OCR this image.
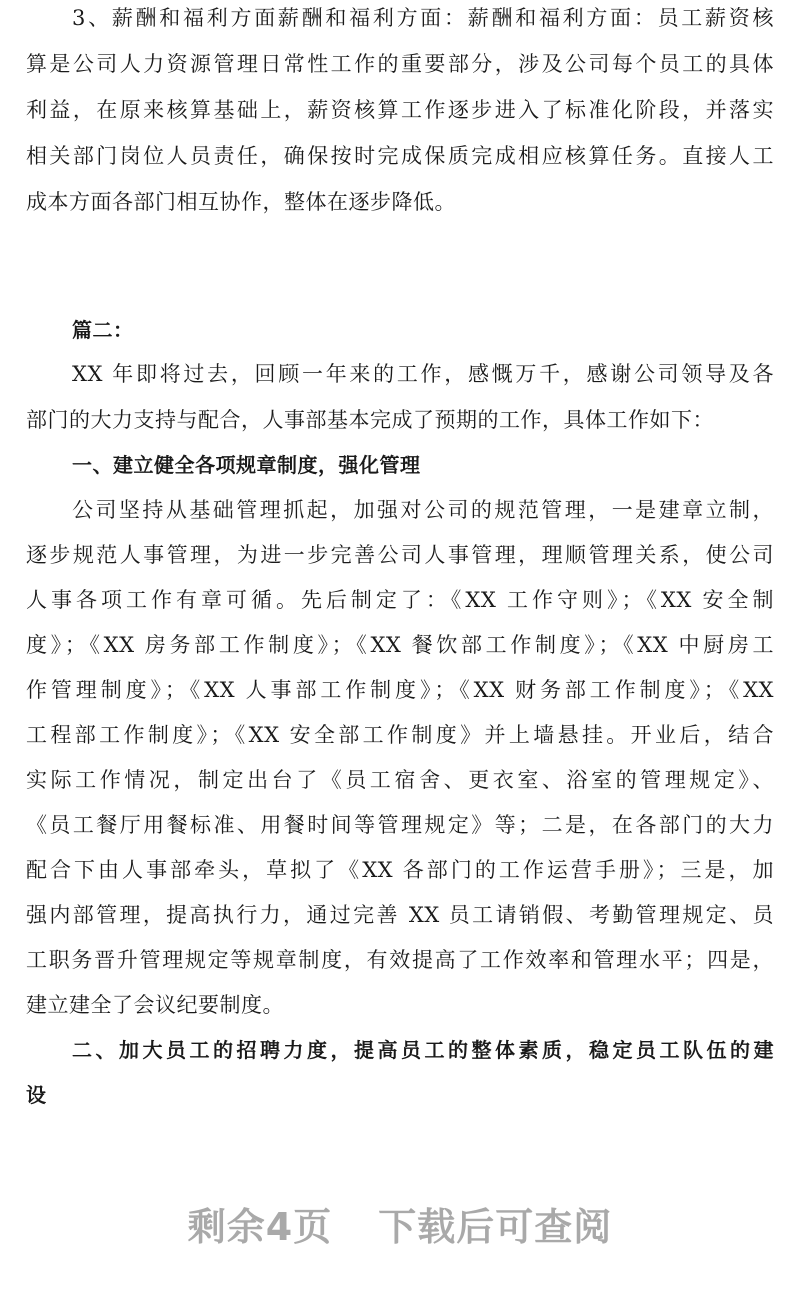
3、薪酬和福利方面薪酬和福利方面：薪酬和福利方面：员工薪资核
算是公司人力资源管理日常性工作的重要部分，涉及公司每个员工的具体
利益，在原来核算基础上，薪资核算工作逐步进入了标准化阶段，并落实
相关部门岗位人员责任，确保按时完成保质完成相应核算任务。直接人工
成本方面各部门相互协作，整体在逐步降低。
篇二：
XX 年即将过去，回顾一年来的工作，感慨万千，感谢公司领导及各
部门的大力支持与配合，人事部基本完成了预期的工作，具体工作如下：
一、建立健全各项规章制度，强化管理
公司坚持从基础管理抓起，加强对公司的规范管理，一是建章立制，
逐步规范人事管理，为进一步完善公司人事管理，理顺管理关系，使公司
人事各项工作有章可循。先后制定了：《XX 工作守则》；《XX 安全制
度》；《XX 房务部工作制度》；《XX 餐饮部工作制度》；《XX 中厨房工
作管理制度》；《XX 人事部工作制度》；《XX 财务部工作制度》；《XX
工程部工作制度》；《XX 安全部工作制度》并上墙悬挂。开业后，结合
实际工作情况，制定出台了《员工宿舍、更衣室、浴室的管理规定》、
《员工餐厅用餐标准、用餐时间等管理规定》等；二是，在各部门的大力
配合下由人事部牵头，草拟了《XX 各部门的工作运营手册》；三是，加
强内部管理，提高执行力，通过完善 XX 员工请销假、考勤管理规定、员
工职务晋升管理规定等规章制度，有效提高了工作效率和管理水平；四是，
建立建全了会议纪要制度。
二、加大员工的招聘力度，提高员工的整体素质，稳定员工队伍的建
设
剩余4页 下载后可查阅
